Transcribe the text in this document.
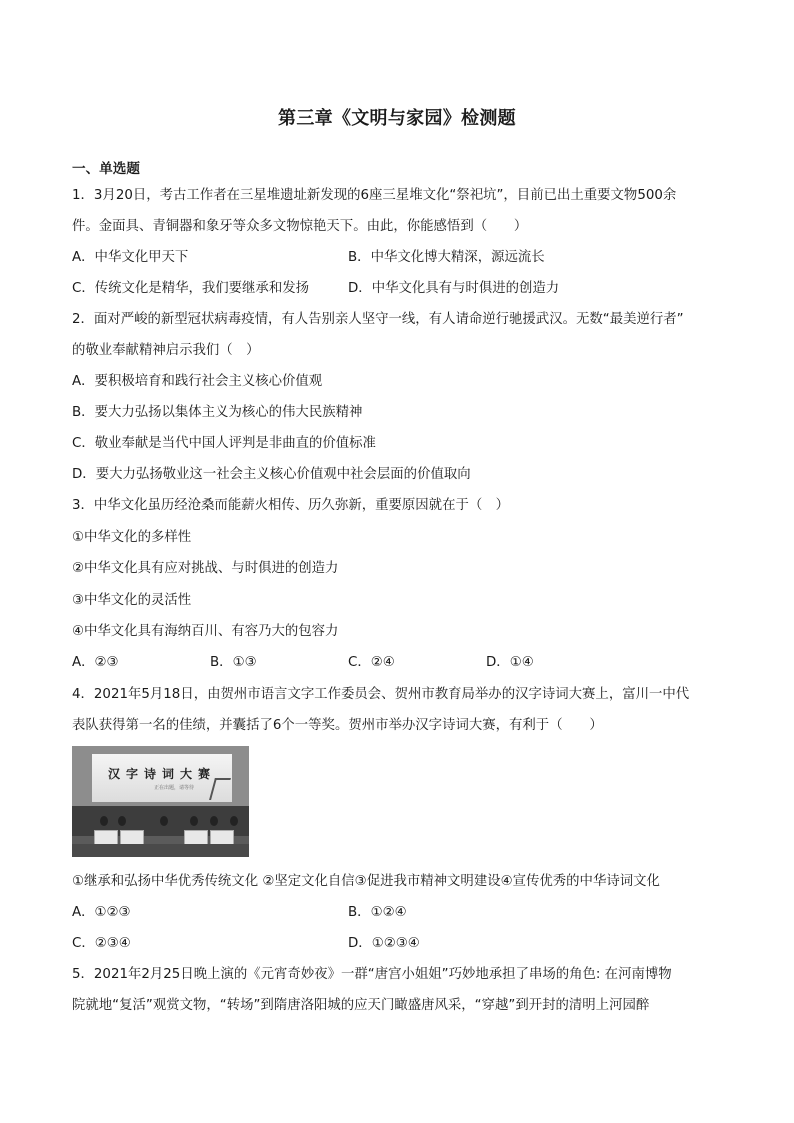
第三章《文明与家园》检测题
一、单选题
1．3月20日，考古工作者在三星堆遗址新发现的6座三星堆文化“祭祀坑”，目前已出土重要文物500余
件。金面具、青铜器和象牙等众多文物惊艳天下。由此，你能感悟到（　　）
A．中华文化甲天下	B．中华文化博大精深，源远流长
C．传统文化是精华，我们要继承和发扬	D．中华文化具有与时俱进的创造力
2．面对严峻的新型冠状病毒疫情，有人告别亲人坚守一线，有人请命逆行驰援武汉。无数“最美逆行者”
的敬业奉献精神启示我们（　）
A．要积极培育和践行社会主义核心价值观
B．要大力弘扬以集体主义为核心的伟大民族精神
C．敬业奉献是当代中国人评判是非曲直的价值标准
D．要大力弘扬敬业这一社会主义核心价值观中社会层面的价值取向
3．中华文化虽历经沧桑而能薪火相传、历久弥新，重要原因就在于（　）
①中华文化的多样性
②中华文化具有应对挑战、与时俱进的创造力
③中华文化的灵活性
④中华文化具有海纳百川、有容乃大的包容力
A．②③	B．①③	C．②④	D．①④
4．2021年5月18日，由贺州市语言文字工作委员会、贺州市教育局举办的汉字诗词大赛上，富川一中代
表队获得第一名的佳绩，并囊括了6个一等奖。贺州市举办汉字诗词大赛，有利于（　　）
汉字诗词大赛
正在出题，请等待
①继承和弘扬中华优秀传统文化 ②坚定文化自信③促进我市精神文明建设④宣传优秀的中华诗词文化
A．①②③	B．①②④
C．②③④	D．①②③④
5．2021年2月25日晚上演的《元宵奇妙夜》一群“唐宫小姐姐”巧妙地承担了串场的角色: 在河南博物
院就地“复活”观赏文物，“转场”到隋唐洛阳城的应天门瞰盛唐风采，“穿越”到开封的清明上河园醉
